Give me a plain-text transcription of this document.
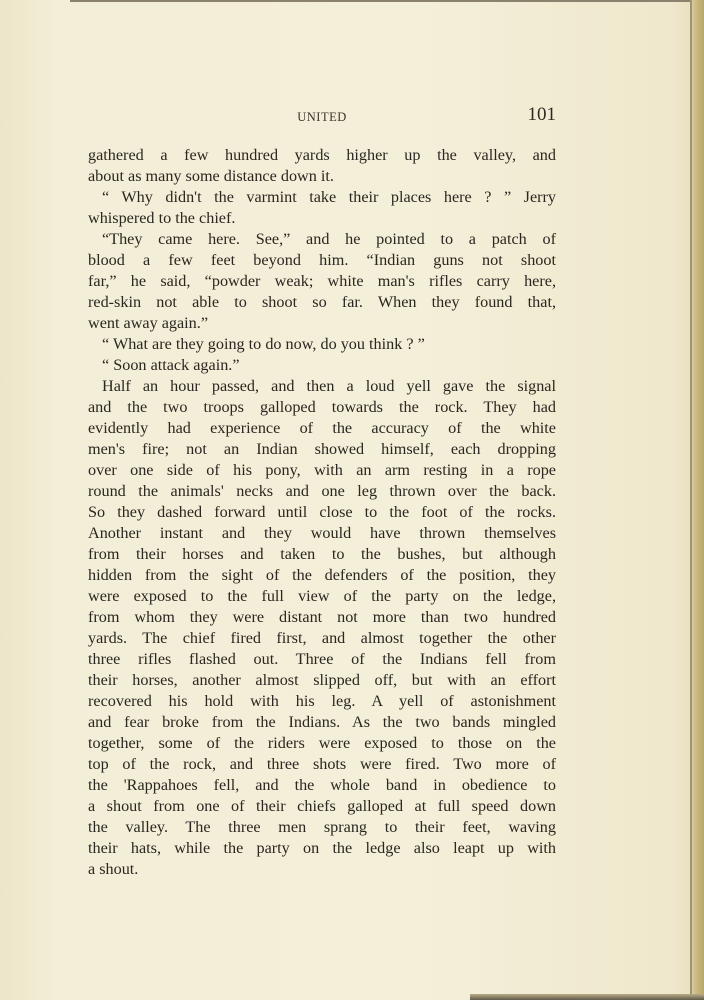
UNITED	101
gathered a few hundred yards higher up the valley, and
about as many some distance down it.
“ Why didn't the varmint take their places here ? ” Jerry
whispered to the chief.
“They came here. See,” and he pointed to a patch of
blood a few feet beyond him. “Indian guns not shoot
far,” he said, “powder weak; white man's rifles carry here,
red-skin not able to shoot so far. When they found that,
went away again.”
“ What are they going to do now, do you think ? ”
“ Soon attack again.”
Half an hour passed, and then a loud yell gave the signal
and the two troops galloped towards the rock. They had
evidently had experience of the accuracy of the white
men's fire; not an Indian showed himself, each dropping
over one side of his pony, with an arm resting in a rope
round the animals' necks and one leg thrown over the back.
So they dashed forward until close to the foot of the rocks.
Another instant and they would have thrown themselves
from their horses and taken to the bushes, but although
hidden from the sight of the defenders of the position, they
were exposed to the full view of the party on the ledge,
from whom they were distant not more than two hundred
yards. The chief fired first, and almost together the other
three rifles flashed out. Three of the Indians fell from
their horses, another almost slipped off, but with an effort
recovered his hold with his leg. A yell of astonishment
and fear broke from the Indians. As the two bands mingled
together, some of the riders were exposed to those on the
top of the rock, and three shots were fired. Two more of
the 'Rappahoes fell, and the whole band in obedience to
a shout from one of their chiefs galloped at full speed down
the valley. The three men sprang to their feet, waving
their hats, while the party on the ledge also leapt up with
a shout.
